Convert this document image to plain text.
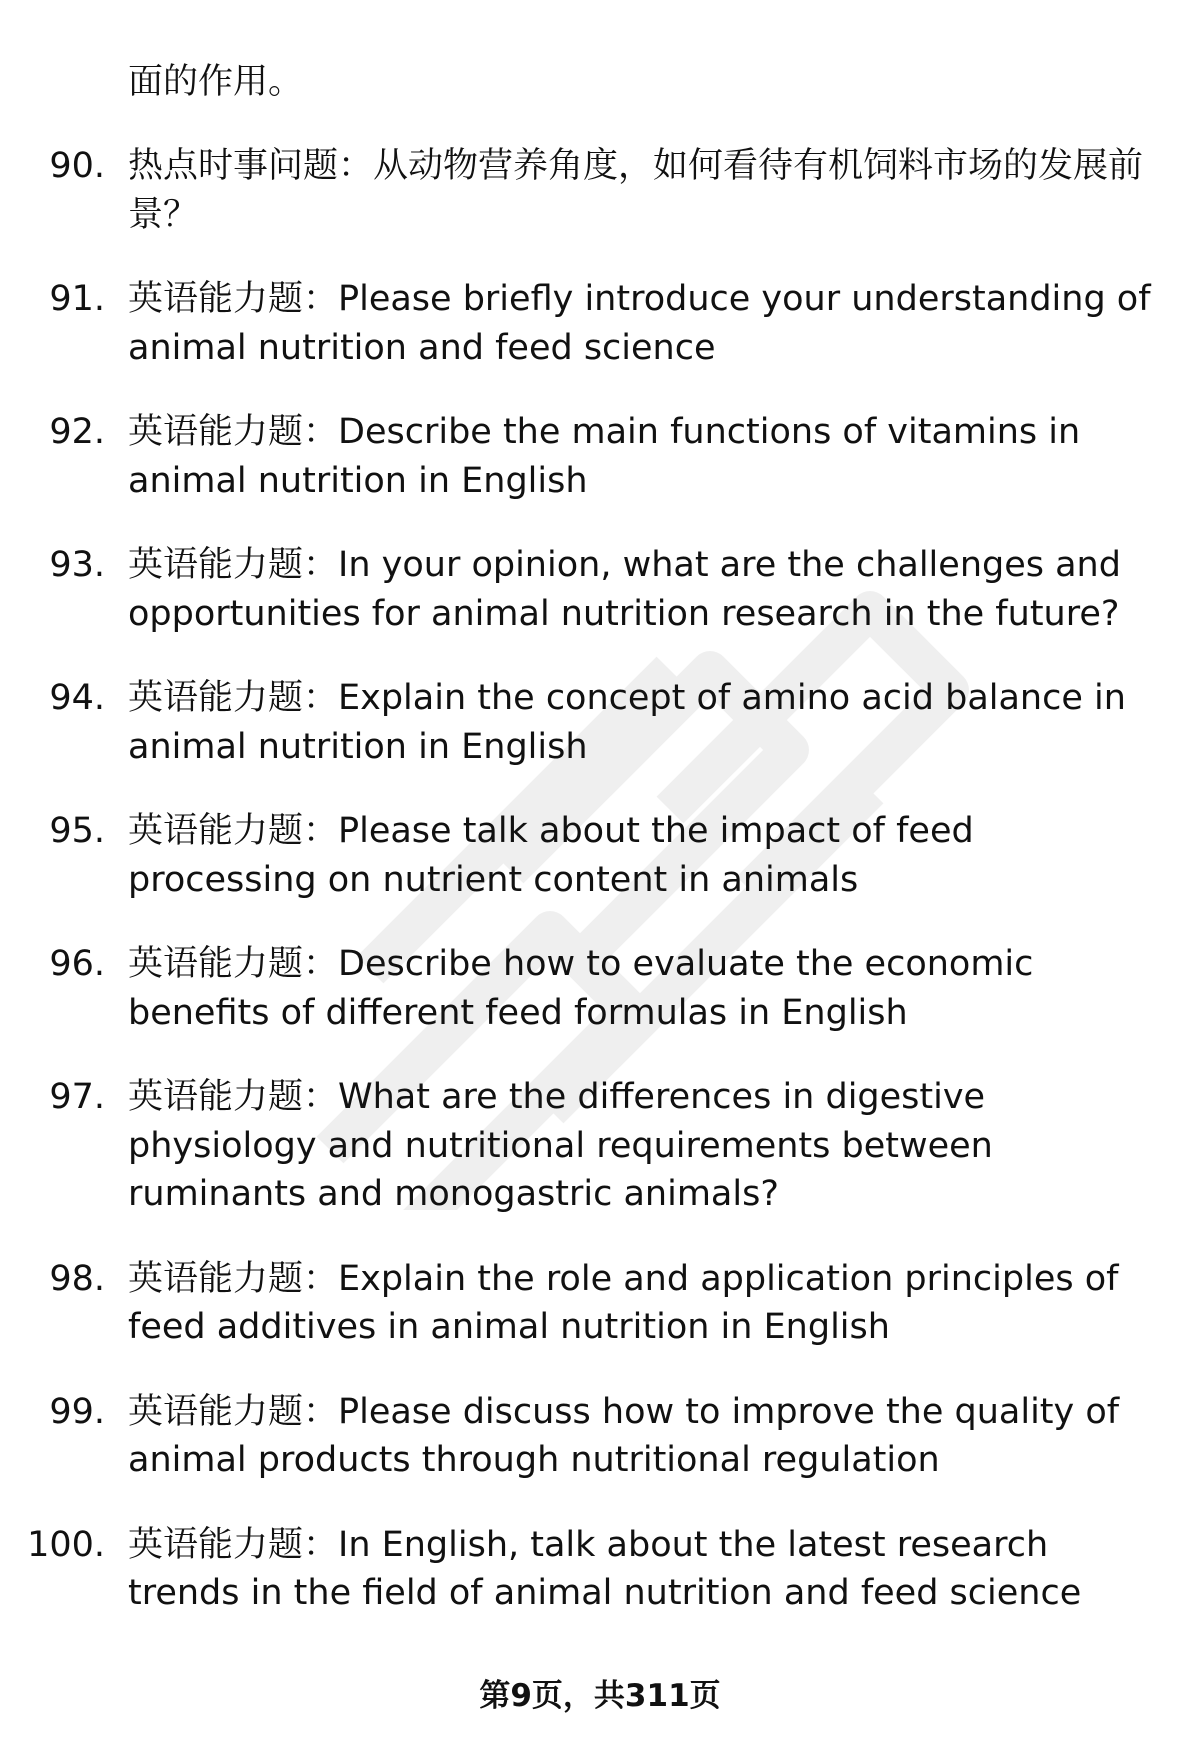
面的作用。
90. 热点时事问题：从动物营养角度，如何看待有机饲料市场的发展前景？
91. 英语能力题：Please briefly introduce your understanding of animal nutrition and feed science
92. 英语能力题：Describe the main functions of vitamins in animal nutrition in English
93. 英语能力题：In your opinion, what are the challenges and opportunities for animal nutrition research in the future?
94. 英语能力题：Explain the concept of amino acid balance in animal nutrition in English
95. 英语能力题：Please talk about the impact of feed processing on nutrient content in animals
96. 英语能力题：Describe how to evaluate the economic benefits of different feed formulas in English
97. 英语能力题：What are the differences in digestive physiology and nutritional requirements between ruminants and monogastric animals?
98. 英语能力题：Explain the role and application principles of feed additives in animal nutrition in English
99. 英语能力题：Please discuss how to improve the quality of animal products through nutritional regulation
100. 英语能力题：In English, talk about the latest research trends in the field of animal nutrition and feed science
第9页，共311页
